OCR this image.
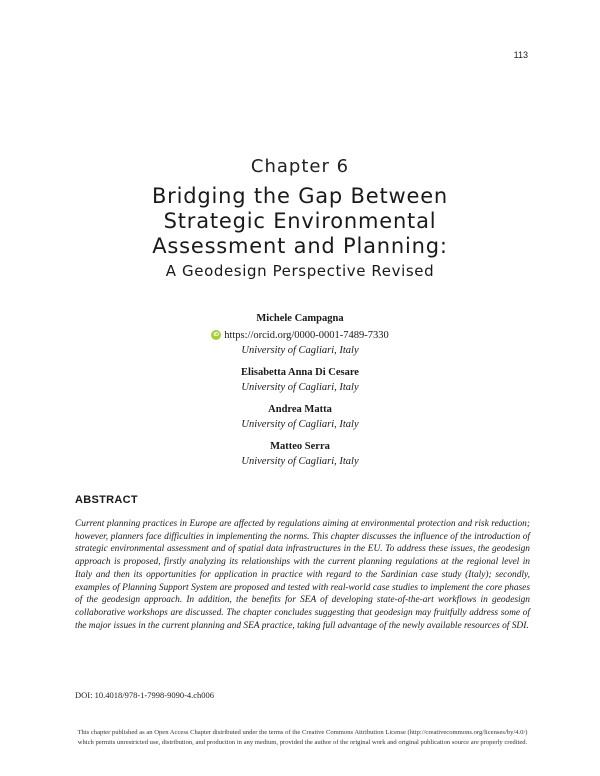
113
Chapter 6
Bridging the Gap Between
Strategic Environmental
Assessment and Planning:
A Geodesign Perspective Revised
Michele Campagna
iD https://orcid.org/0000-0001-7489-7330
University of Cagliari, Italy
Elisabetta Anna Di Cesare
University of Cagliari, Italy
Andrea Matta
University of Cagliari, Italy
Matteo Serra
University of Cagliari, Italy
ABSTRACT

Current planning practices in Europe are affected by regulations aiming at environmental protection and risk reduction; however, planners face difficulties in implementing the norms. This chapter discusses the influence of the introduction of strategic environmental assessment and of spatial data infrastructures in the EU. To address these issues, the geodesign approach is proposed, firstly analyzing its relationships with the current planning regulations at the regional level in Italy and then its opportunities for application in practice with regard to the Sardinian case study (Italy); secondly, examples of Planning Support System are proposed and tested with real-world case studies to implement the core phases of the geodesign approach. In addition, the benefits for SEA of developing state-of-the-art workflows in geodesign collaborative workshops are discussed. The chapter concludes suggesting that geodesign may fruitfully address some of the major issues in the current planning and SEA practice, taking full advantage of the newly available resources of SDI.

DOI: 10.4018/978-1-7998-9090-4.ch006
This chapter published as an Open Access Chapter distributed under the terms of the Creative Commons Attribution License (http://creativecommons.org/licenses/by/4.0/) which permits unrestricted use, distribution, and production in any medium, provided the author of the original work and original publication source are properly credited.
